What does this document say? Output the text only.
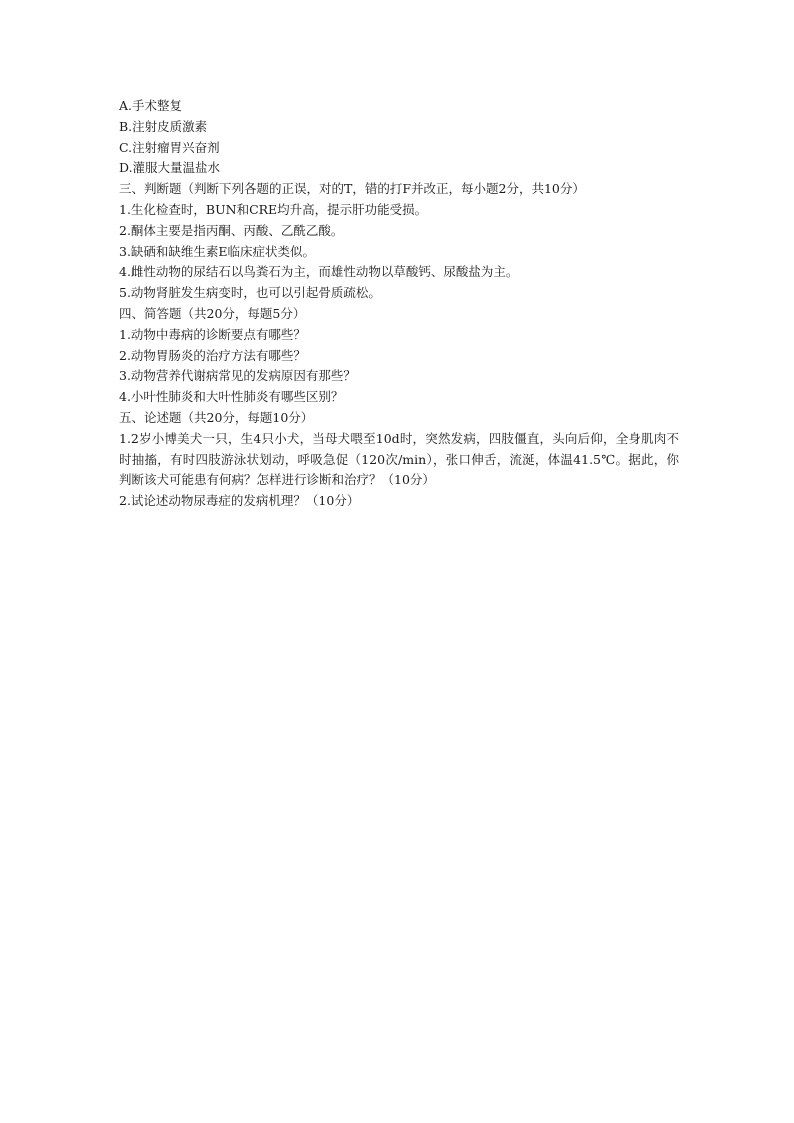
A.手术整复

B.注射皮质激素

C.注射瘤胃兴奋剂

D.灌服大量温盐水

三、判断题（判断下列各题的正误，对的T，错的打F并改正，每小题2分，共10分）

1.生化检查时，BUN和CRE均升高，提示肝功能受损。

2.酮体主要是指丙酮、丙酸、乙酰乙酸。

3.缺硒和缺维生素E临床症状类似。

4.雌性动物的尿结石以鸟粪石为主，而雄性动物以草酸钙、尿酸盐为主。

5.动物肾脏发生病变时，也可以引起骨质疏松。

四、简答题（共20分，每题5分）

1.动物中毒病的诊断要点有哪些？

2.动物胃肠炎的治疗方法有哪些？

3.动物营养代谢病常见的发病原因有那些？

4.小叶性肺炎和大叶性肺炎有哪些区别？

五、论述题（共20分，每题10分）

1.2岁小博美犬一只，生4只小犬，当母犬喂至10d时，突然发病，四肢僵直，头向后仰，全身肌肉不时抽搐，有时四肢游泳状划动，呼吸急促（120次/min），张口伸舌，流涎，体温41.5℃。据此，你判断该犬可能患有何病？怎样进行诊断和治疗？（10分）

2.试论述动物尿毒症的发病机理？（10分）
